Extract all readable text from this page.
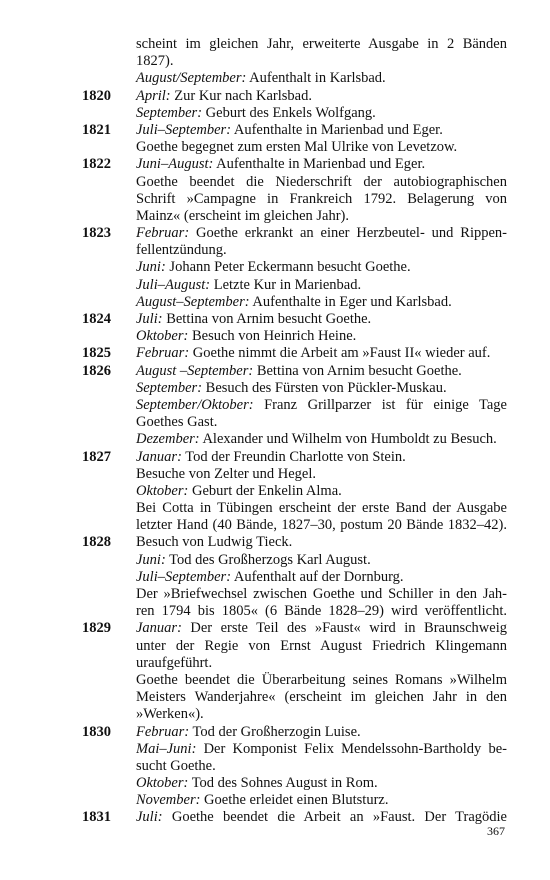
scheint im gleichen Jahr, erweiterte Ausgabe in 2 Bänden
1827).
August/September: Aufenthalt in Karlsbad.
1820	April: Zur Kur nach Karlsbad.
September: Geburt des Enkels Wolfgang.
1821	Juli–September: Aufenthalte in Marienbad und Eger.
Goethe begegnet zum ersten Mal Ulrike von Levetzow.
1822	Juni–August: Aufenthalte in Marienbad und Eger.
Goethe beendet die Niederschrift der autobiographischen
Schrift »Campagne in Frankreich 1792. Belagerung von
Mainz« (erscheint im gleichen Jahr).
1823	Februar: Goethe erkrankt an einer Herzbeutel- und Rippen-
fellentzündung.
Juni: Johann Peter Eckermann besucht Goethe.
Juli–August: Letzte Kur in Marienbad.
August–September: Aufenthalte in Eger und Karlsbad.
1824	Juli: Bettina von Arnim besucht Goethe.
Oktober: Besuch von Heinrich Heine.
1825	Februar: Goethe nimmt die Arbeit am »Faust II« wieder auf.
1826	August –September: Bettina von Arnim besucht Goethe.
September: Besuch des Fürsten von Pückler-Muskau.
September/Oktober: Franz Grillparzer ist für einige Tage
Goethes Gast.
Dezember: Alexander und Wilhelm von Humboldt zu Besuch.
1827	Januar: Tod der Freundin Charlotte von Stein.
Besuche von Zelter und Hegel.
Oktober: Geburt der Enkelin Alma.
Bei Cotta in Tübingen erscheint der erste Band der Ausgabe
letzter Hand (40 Bände, 1827–30, postum 20 Bände 1832–42).
1828	Besuch von Ludwig Tieck.
Juni: Tod des Großherzogs Karl August.
Juli–September: Aufenthalt auf der Dornburg.
Der »Briefwechsel zwischen Goethe und Schiller in den Jah-
ren 1794 bis 1805« (6 Bände 1828–29) wird veröffentlicht.
1829	Januar: Der erste Teil des »Faust« wird in Braunschweig
unter der Regie von Ernst August Friedrich Klingemann
uraufgeführt.
Goethe beendet die Überarbeitung seines Romans »Wilhelm
Meisters Wanderjahre« (erscheint im gleichen Jahr in den
»Werken«).
1830	Februar: Tod der Großherzogin Luise.
Mai–Juni: Der Komponist Felix Mendelssohn-Bartholdy be-
sucht Goethe.
Oktober: Tod des Sohnes August in Rom.
November: Goethe erleidet einen Blutsturz.
1831	Juli: Goethe beendet die Arbeit an »Faust. Der Tragödie
367
